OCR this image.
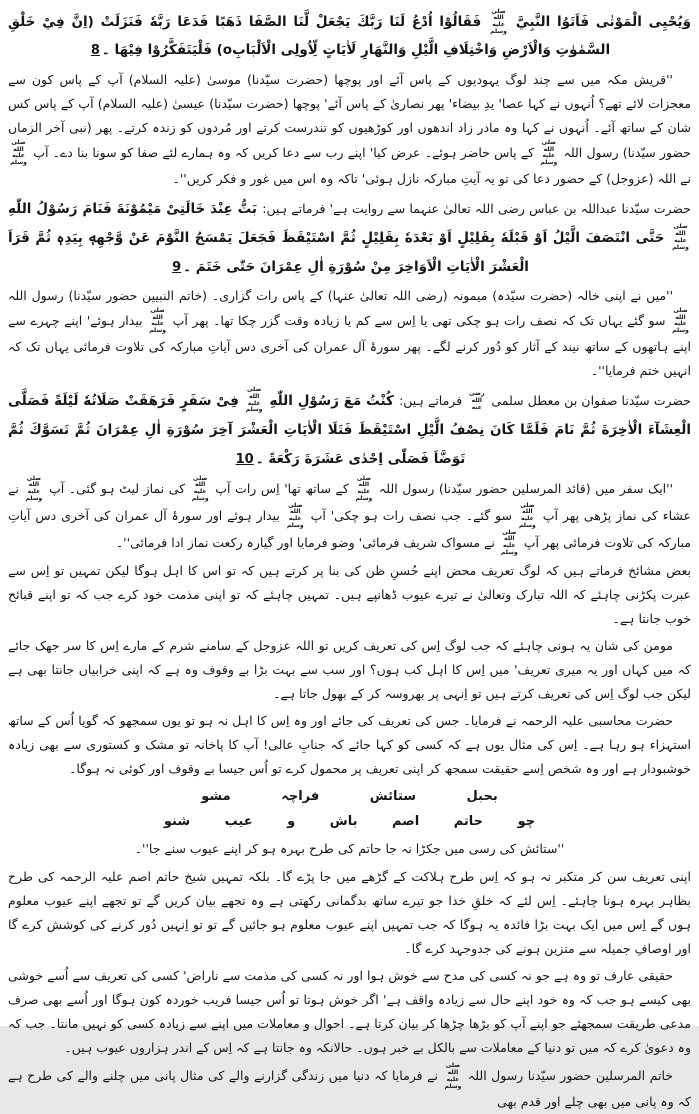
وَيُحْيِى الْمَوْتٰى فَاَتَوُا النَّبِيَّ صلى الله عليه وسلم فَقَالُوْا اُدْعُ لَنَا رَبَّكَ يَجْعَلْ لَّنَا الصَّفَا ذَهَبًا فَدَعَا رَبَّهٗ فَنَزَلَتْ (اِنَّ فِيْ خَلْقِ السَّمٰوٰتِ وَالْاَرْضِ وَاخْتِلَافِ الَّيْلِ وَالنَّهَارِ لَاٰيَاتٍ لِّاُولِى الْاَلْبَابِo) فَلْيَتَفَكَّرُوْا فِيْهَا ۔8

''قریش مکہ میں سے چند لوگ یہودیوں کے پاس آئے اور پوچھا (حضرت سیّدنا) موسیٰ (علیہ السلام) آپ کے پاس کون سے معجزات لائے تھے؟ اُنہوں نے کہا عصا' یدِ بیضاء' پھر نصاریٰ کے پاس آئے' پوچھا (حضرت سیّدنا) عیسیٰ (علیہ السلام) آپ کے پاس کس شان کے ساتھ آئے۔ اُنہوں نے کہا وہ مادر زاد اندھوں اور کوڑھیوں کو تندرست کرتے اور مُردوں کو زندہ کرتے۔ پھر (نبی آخر الزماں حضور سیّدنا) رسول اللہ صلى الله عليه وسلم کے پاس حاضر ہوئے۔ عرض کیا' اپنے رب سے دعا کریں کہ وہ ہمارے لئے صفا کو سونا بنا دے۔ آپ صلى الله عليه وسلم نے اللہ (عزوجل) کے حضور دعا کی تو یہ آیتِ مبارکہ نازل ہوئی' تاکہ وہ اس میں غور و فکر کریں''۔

حضرت سیّدنا عبداللہ بن عباس رضی اللہ تعالیٰ عنہما سے روایت ہے' فرماتے ہیں: بَتُّ عِنْدَ خَالَتِىْ مَيْمُوْنَةَ فَنَامَ رَسُوْلُ اللّٰهِ صلى الله عليه وسلم حَتَّى انْتَصَفَ الَّيْلُ اَوْ قَبْلَهٗ بِقَلِيْلٍ اَوْ بَعْدَهٗ بِقَلِيْلٍ ثُمَّ اسْتَيْقَظَ فَجَعَلَ يَمْسَحُ النَّوْمَ عَنْ وَّجْهِهٖ بِيَدِهٖ ثُمَّ قَرَاَ الْعَشْرَ الْاٰيَاتِ الْاَوَاخِرَ مِنْ سُوْرَةِ اٰلِ عِمْرَانَ حَتّٰى خَتَمَ ۔9

''میں نے اپنی خالہ (حضرت سیّدہ) میمونہ (رضی اللہ تعالیٰ عنہا) کے پاس رات گزاری۔ (خاتم النبیین حضور سیّدنا) رسول اللہ صلى الله عليه وسلم سو گئے یہاں تک کہ نصف رات ہو چکی تھی یا اِس سے کم یا زیادہ وقت گزر چکا تھا۔ پھر آپ صلى الله عليه وسلم بیدار ہوئے' اپنے چہرے سے اپنے ہاتھوں کے ساتھ نیند کے آثار کو دُور کرنے لگے۔ پھر سورۂ آل عمران کی آخری دس آیاتِ مبارکہ کی تلاوت فرمائی یہاں تک کہ انہیں ختم فرمایا''۔

حضرت سیّدنا صفوان بن معطل سلمی رضى الله عنه فرماتے ہیں: كُنْتُ مَعَ رَسُوْلِ اللّٰهِ صلى الله عليه وسلم فِىْ سَفَرٍ فَرَهَقَتْ صَلَاتُهٗ لَيْلَةً فَصَلَّى الْعِشَآءَ الْاٰخِرَةَ ثُمَّ نَامَ فَلَمَّا كَانَ نِصْفُ الَّيْلِ اسْتَيْقَظَ فَتَلَا الْاٰيَاتِ الْعَشْرَ آخِرَ سُوْرَةِ اٰلِ عِمْرَانَ ثُمَّ تَسَوَّكَ ثُمَّ تَوَضَّاَ فَصَلّٰى اِحْدٰى عَشَرَةَ رَكْعَةً ۔10

''ایک سفر میں (قائد المرسلین حضور سیّدنا) رسول اللہ صلى الله عليه وسلم کے ساتھ تھا' اِس رات آپ صلى الله عليه وسلم کی نماز لیٹ ہو گئی۔ آپ صلى الله عليه وسلم نے عشاء کی نماز پڑھی پھر آپ صلى الله عليه وسلم سو گئے۔ جب نصف رات ہو چکی' آپ صلى الله عليه وسلم بیدار ہوئے اور سورۂ آل عمران کی آخری دس آیاتِ مبارکہ کی تلاوت فرمائی پھر آپ صلى الله عليه وسلم نے مسواک شریف فرمائی' وضو فرمایا اور گیارہ رکعت نماز ادا فرمائی''۔

بعض مشائخ فرماتے ہیں کہ لوگ تعریف محض اپنے حُسنِ ظن کی بنا پر کرتے ہیں کہ تو اس کا اہل ہوگا لیکن تمہیں تو اِس سے عبرت پکڑنی چاہئے کہ اللہ تبارک وتعالیٰ نے تیرے عیوب ڈھانپے ہیں۔ تمہیں چاہئے کہ تو اپنی مذمت خود کرے جب کہ تو اپنے قبائح خوب جانتا ہے۔

مومن کی شان یہ ہونی چاہئے کہ جب لوگ اِس کی تعریف کریں تو اللہ عزوجل کے سامنے شرم کے مارے اِس کا سر جھک جائے کہ میں کہاں اور یہ میری تعریف' میں اِس کا اہل کب ہوں؟ اور سب سے بہت بڑا بے وقوف وہ ہے کہ اپنی خرابیاں جانتا بھی ہے لیکن جب لوگ اِس کی تعریف کرتے ہیں تو اِنہی پر بھروسہ کر کے بھول جاتا ہے۔

حضرت محاسبی علیہ الرحمہ نے فرمایا۔ جس کی تعریف کی جائے اور وہ اِس کا اہل نہ ہو تو یوں سمجھو کہ گویا اُس کے ساتھ استہزاء ہو رہا ہے۔ اِس کی مثال یوں ہے کہ کسی کو کہا جائے کہ جنابِ عالی! آپ کا پاخانہ تو مشک و کستوری سے بھی زیادہ خوشبودار ہے اور وہ شخص اِسے حقیقت سمجھ کر اپنی تعریف پر محمول کرے تو اُس جیسا بے وقوف اور کوئی نہ ہوگا۔

بحبل ستائش فراچہ مشو

چو حاتم اصم باش و عیب شنو

''ستائش کی رسی میں جکڑا نہ جا حاتم کی طرح بہرہ ہو کر اپنے عیوب سنے جا''۔

اپنی تعریف سن کر متکبر نہ ہو کہ اِس طرح ہلاکت کے گڑھے میں جا پڑے گا۔ بلکہ تمہیں شیخ حاتم اصم علیہ الرحمہ کی طرح بظاہر بہرہ ہونا چاہئے۔ اِس لئے کہ خلقِ خدا جو تیرے ساتھ بدگمانی رکھتی ہے وہ تجھے بیان کریں گے تو تجھے اپنے عیوب معلوم ہوں گے اِس میں ایک بہت بڑا فائدہ یہ ہوگا کہ جب تمہیں اپنے عیوب معلوم ہو جائیں گے تو تو اِنہیں دُور کرنے کی کوشش کرے گا اور اوصافِ جمیلہ سے متزین ہونے کی جدوجہد کرے گا۔

حقیقی عارف تو وہ ہے جو نہ کسی کی مدح سے خوش ہوا اور نہ کسی کی مذمت سے ناراض' کسی کی تعریف سے اُسے خوشی بھی کیسے ہو جب کہ وہ خود اپنے حال سے زیادہ واقف ہے' اگر خوش ہوتا تو اُس جیسا فریب خوردہ کون ہوگا اور اُسے بھی صرف مدعی طریقت سمجھئے جو اپنے آپ کو بڑھا چڑھا کر بیان کرتا ہے۔ احوال و معاملات میں اپنے سے زیادہ کسی کو نہیں مانتا۔ جب کہ وہ دعویٰ کرے کہ میں تو دنیا کے معاملات سے بالکل بے خبر ہوں۔ حالانکہ وہ جانتا ہے کہ اِس کے اندر ہزاروں عیوب ہیں۔

خاتم المرسلین حضور سیّدنا رسول اللہ صلى الله عليه وسلم نے فرمایا کہ دنیا میں زندگی گزارنے والے کی مثال پانی میں چلنے والے کی طرح ہے کہ وہ پانی میں بھی چلے اور قدم بھی
